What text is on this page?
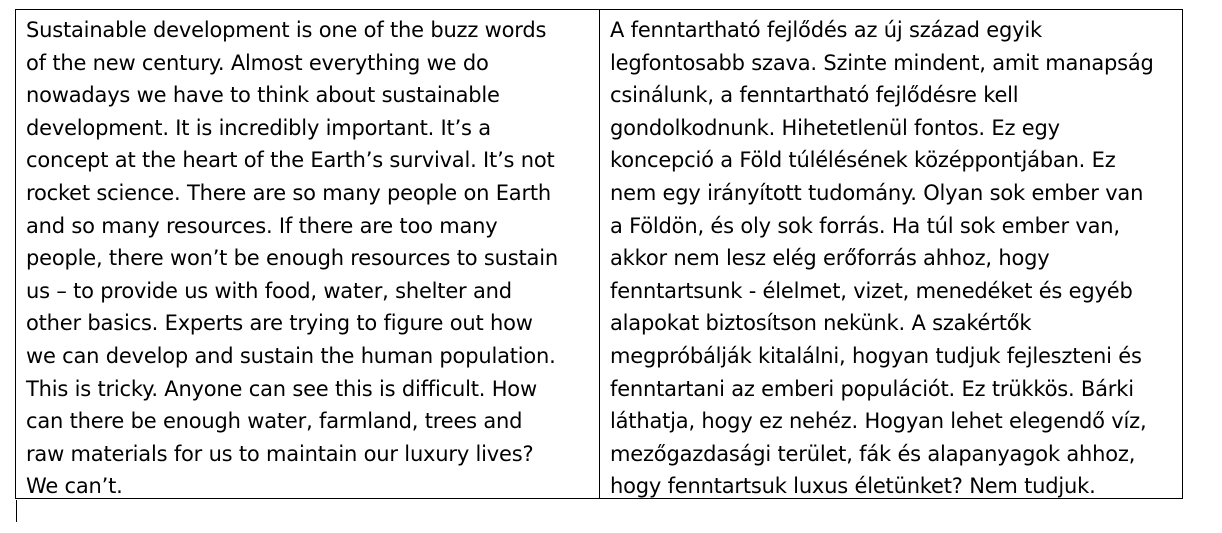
Sustainable development is one of the buzz words
of the new century. Almost everything we do
nowadays we have to think about sustainable
development. It is incredibly important. It’s a
concept at the heart of the Earth’s survival. It’s not
rocket science. There are so many people on Earth
and so many resources. If there are too many
people, there won’t be enough resources to sustain
us – to provide us with food, water, shelter and
other basics. Experts are trying to figure out how
we can develop and sustain the human population.
This is tricky. Anyone can see this is difficult. How
can there be enough water, farmland, trees and
raw materials for us to maintain our luxury lives?
We can’t.
A fenntartható fejlődés az új század egyik
legfontosabb szava. Szinte mindent, amit manapság
csinálunk, a fenntartható fejlődésre kell
gondolkodnunk. Hihetetlenül fontos. Ez egy
koncepció a Föld túlélésének középpontjában. Ez
nem egy irányított tudomány. Olyan sok ember van
a Földön, és oly sok forrás. Ha túl sok ember van,
akkor nem lesz elég erőforrás ahhoz, hogy
fenntartsunk - élelmet, vizet, menedéket és egyéb
alapokat biztosítson nekünk. A szakértők
megpróbálják kitalálni, hogyan tudjuk fejleszteni és
fenntartani az emberi populációt. Ez trükkös. Bárki
láthatja, hogy ez nehéz. Hogyan lehet elegendő víz,
mezőgazdasági terület, fák és alapanyagok ahhoz,
hogy fenntartsuk luxus életünket? Nem tudjuk.
